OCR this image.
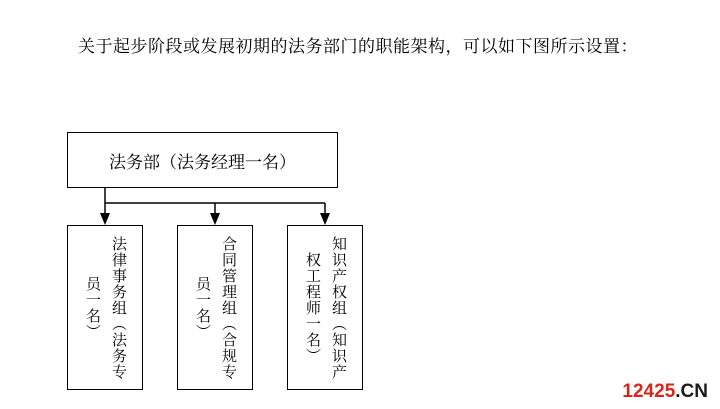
关于起步阶段或发展初期的法务部门的职能架构，可以如下图所示设置：
法务部（法务经理一名）
法律事务组（法务专员一名）	合同管理组（合规专员一名）	知识产权组（知识产权工程师一名）
12425.CN
